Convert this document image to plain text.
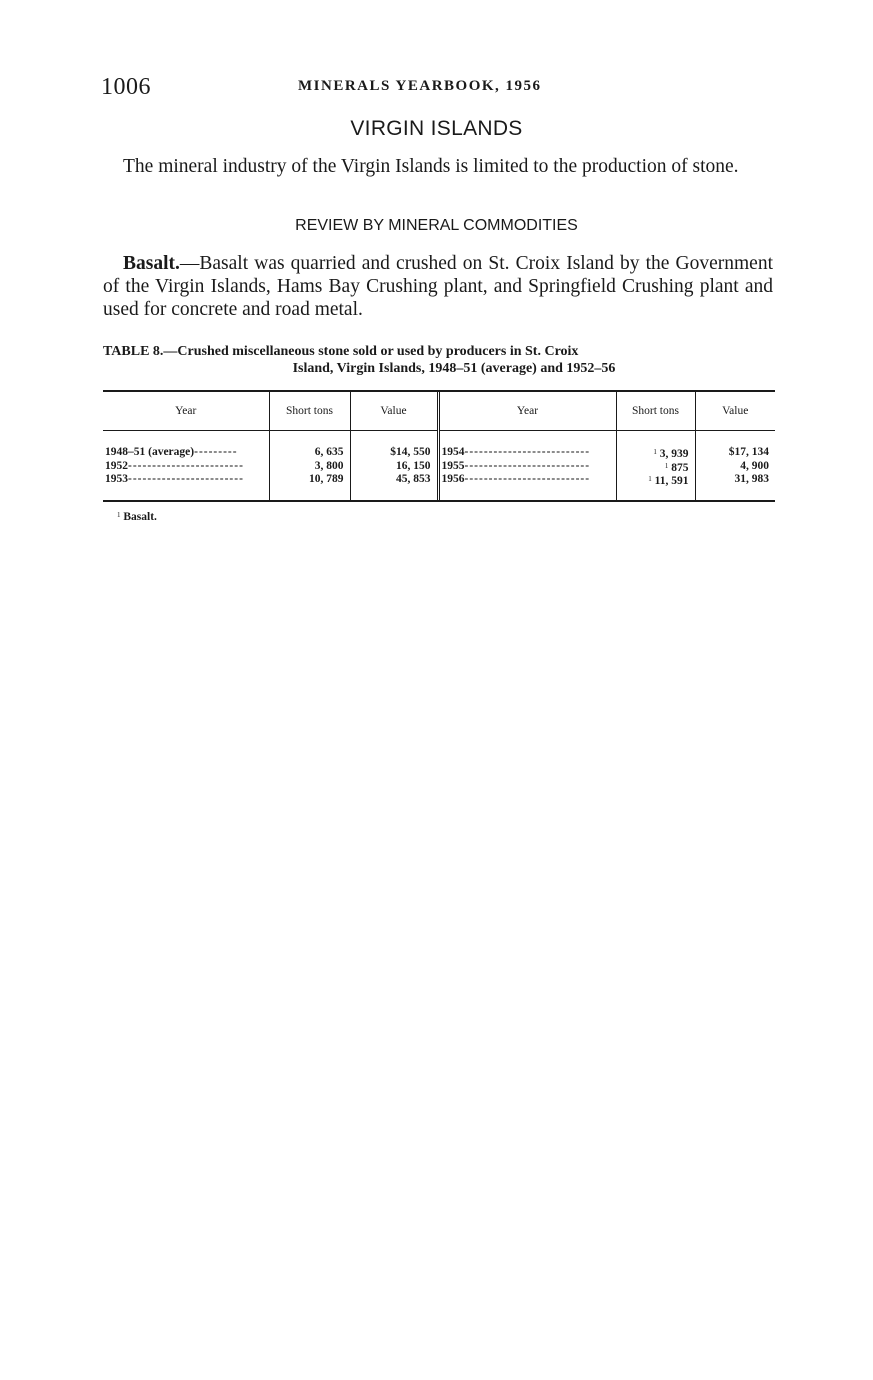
1006	MINERALS YEARBOOK, 1956
VIRGIN ISLANDS

The mineral industry of the Virgin Islands is limited to the production of stone.

REVIEW BY MINERAL COMMODITIES

Basalt.—Basalt was quarried and crushed on St. Croix Island by the Government of the Virgin Islands, Hams Bay Crushing plant, and Springfield Crushing plant and used for concrete and road metal.

TABLE 8.—Crushed miscellaneous stone sold or used by producers in St. Croix
Island, Virgin Islands, 1948–51 (average) and 1952–56
Year	Short tons	Value	Year	Short tons	Value
1948–51 (average)---------	6, 635	$14, 550	1954--------------------------	$^1$ 3, 939	$17, 134
1952------------------------	3, 800	16, 150	1955--------------------------	$^1$ 875	4, 900
1953------------------------	10, 789	45, 853	1956--------------------------	$^1$ 11, 591	31, 983
$^1$ Basalt.
